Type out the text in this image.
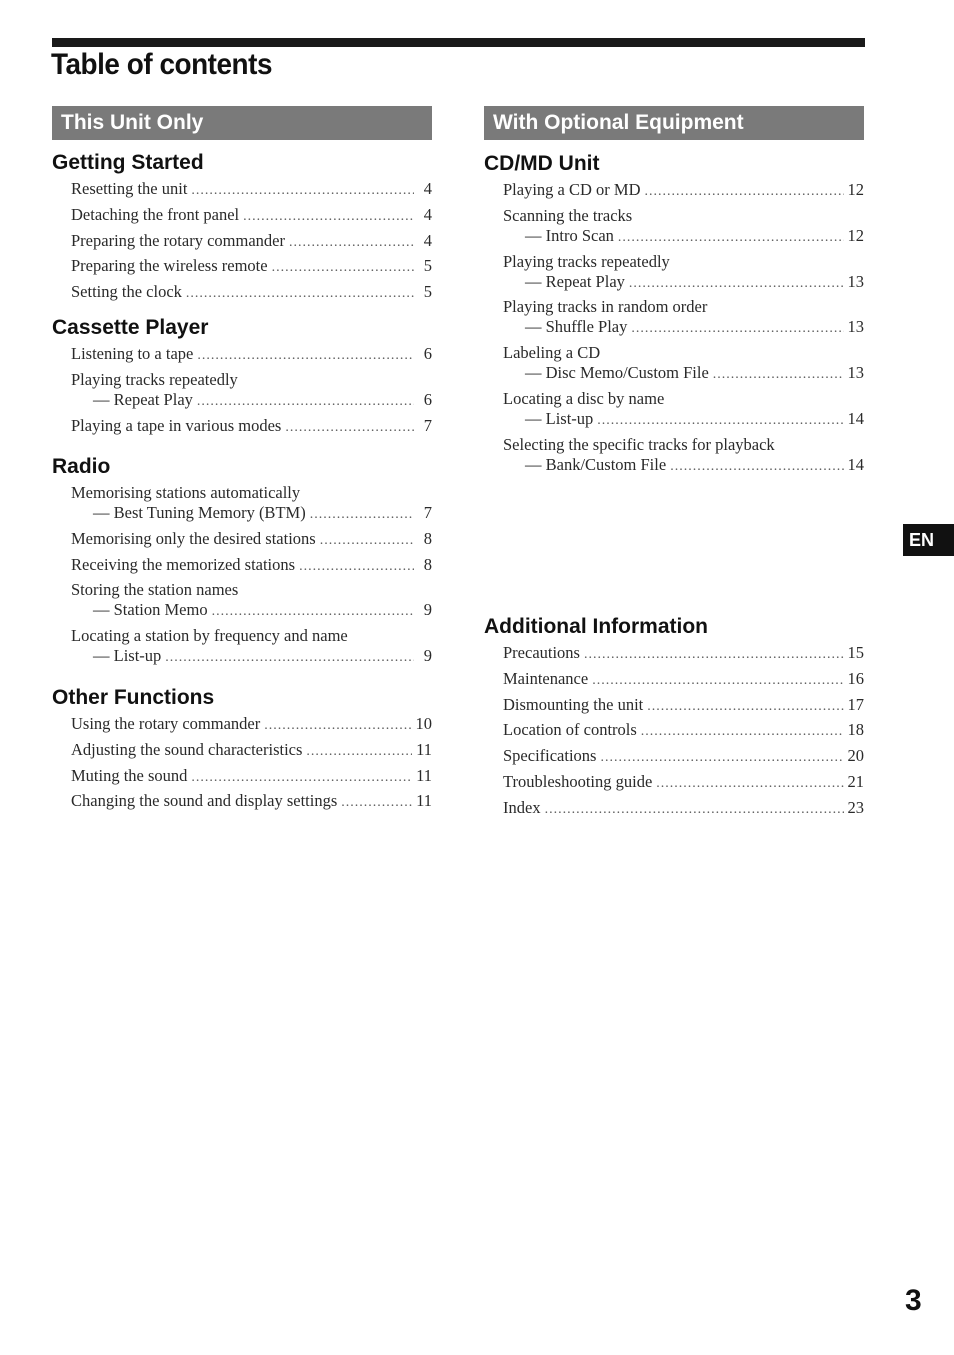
Table of contents
This Unit Only
Getting Started
Resetting the unit .....	4
Detaching the front panel .....	4
Preparing the rotary commander .....	4
Preparing the wireless remote .....	5
Setting the clock .....	5
Cassette Player
Listening to a tape .....	6
Playing tracks repeatedly
— Repeat Play .....	6
Playing a tape in various modes .....	7
Radio
Memorising stations automatically
— Best Tuning Memory (BTM) .....	7
Memorising only the desired stations .....	8
Receiving the memorized stations .....	8
Storing the station names
— Station Memo .....	9
Locating a station by frequency and name
— List-up .....	9
Other Functions
Using the rotary commander .....	10
Adjusting the sound characteristics .....	11
Muting the sound .....	11
Changing the sound and display settings .....	11
With Optional Equipment
CD/MD Unit
Playing a CD or MD .....	12
Scanning the tracks
— Intro Scan .....	12
Playing tracks repeatedly
— Repeat Play .....	13
Playing tracks in random order
— Shuffle Play .....	13
Labeling a CD
— Disc Memo/Custom File .....	13
Locating a disc by name
— List-up .....	14
Selecting the specific tracks for playback
— Bank/Custom File .....	14
Additional Information
Precautions .....	15
Maintenance .....	16
Dismounting the unit .....	17
Location of controls .....	18
Specifications .....	20
Troubleshooting guide .....	21
Index .....	23
EN
3
